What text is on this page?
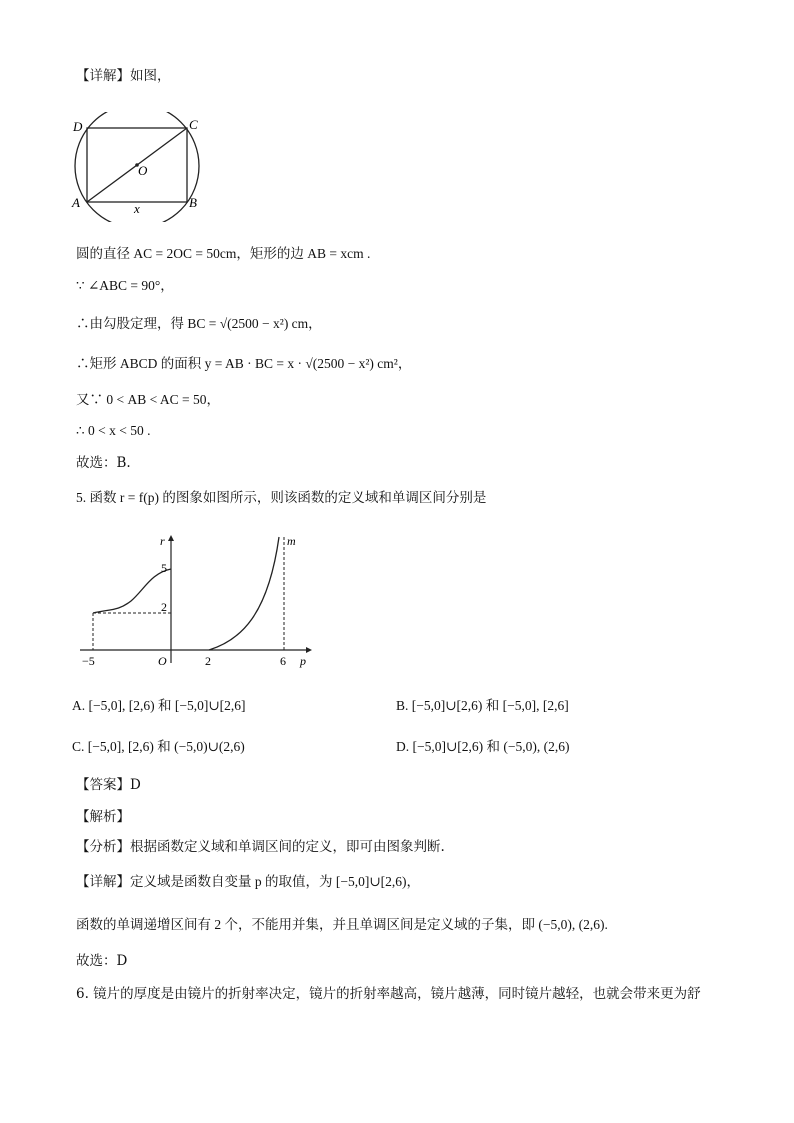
【详解】如图，
D	C
A	B
O
x
圆的直径 AC = 2OC = 50cm，矩形的边 AB = xcm .
∵ ∠ABC = 90°，
∴由勾股定理，得 BC = √(2500 − x²) cm，
∴矩形 ABCD 的面积 y = AB · BC = x · √(2500 − x²) cm²，
又∵ 0 < AB < AC = 50，
∴ 0 < x < 50 .
故选：B.
5. 函数 r = f(p) 的图象如图所示，则该函数的定义域和单调区间分别是
r
p
m
5
2
−5	O	2	6
A. [−5,0], [2,6) 和 [−5,0]∪[2,6]	B. [−5,0]∪[2,6) 和 [−5,0], [2,6]
C. [−5,0], [2,6) 和 (−5,0)∪(2,6)	D. [−5,0]∪[2,6) 和 (−5,0), (2,6)
【答案】D
【解析】
【分析】根据函数定义域和单调区间的定义，即可由图象判断.
【详解】定义域是函数自变量 p 的取值，为 [−5,0]∪[2,6)，
函数的单调递增区间有 2 个，不能用并集，并且单调区间是定义域的子集，即 (−5,0), (2,6).
故选：D
6. 镜片的厚度是由镜片的折射率决定，镜片的折射率越高，镜片越薄，同时镜片越轻，也就会带来更为舒
